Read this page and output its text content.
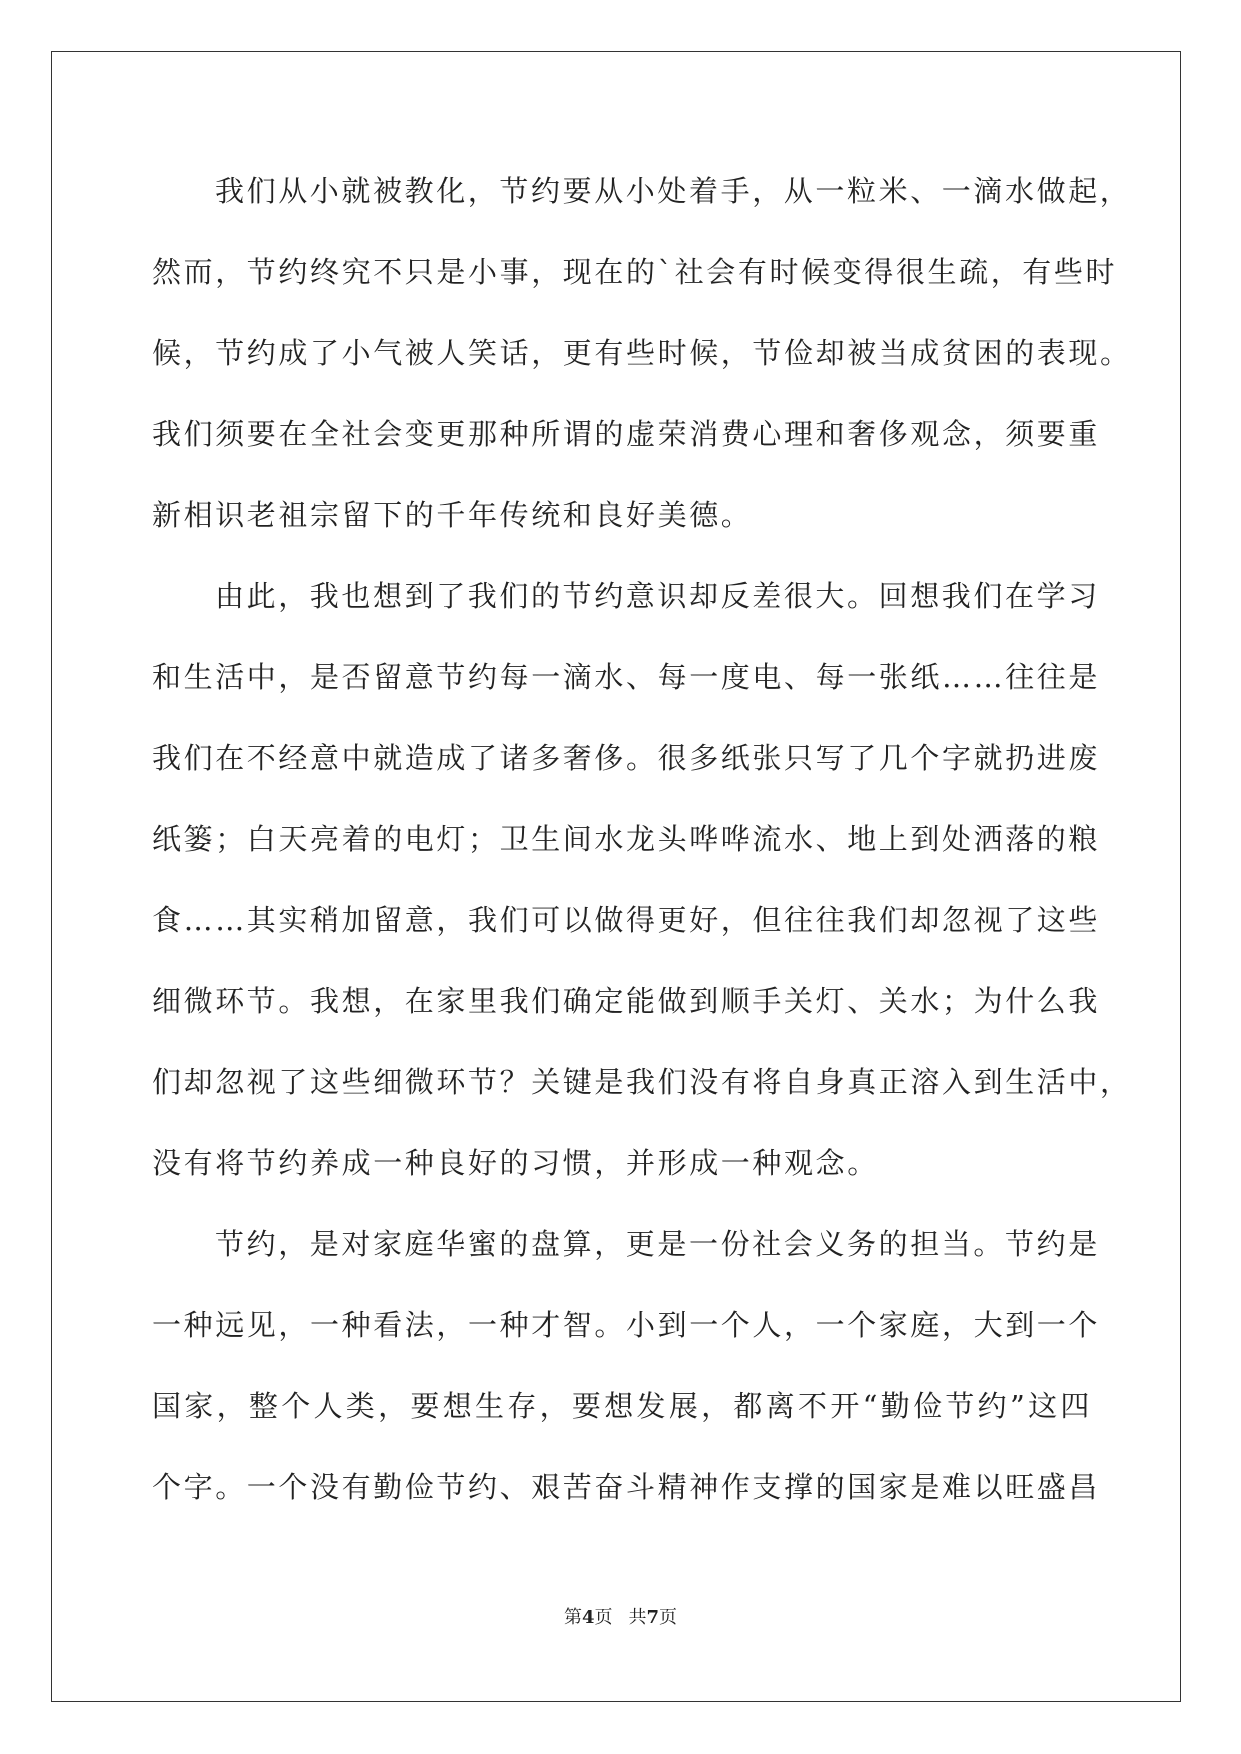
我们从小就被教化，节约要从小处着手，从一粒米、一滴水做起，
然而，节约终究不只是小事，现在的`社会有时候变得很生疏，有些时
候，节约成了小气被人笑话，更有些时候，节俭却被当成贫困的表现。
我们须要在全社会变更那种所谓的虚荣消费心理和奢侈观念，须要重
新相识老祖宗留下的千年传统和良好美德。
由此，我也想到了我们的节约意识却反差很大。回想我们在学习
和生活中，是否留意节约每一滴水、每一度电、每一张纸……往往是
我们在不经意中就造成了诸多奢侈。很多纸张只写了几个字就扔进废
纸篓；白天亮着的电灯；卫生间水龙头哗哗流水、地上到处洒落的粮
食……其实稍加留意，我们可以做得更好，但往往我们却忽视了这些
细微环节。我想，在家里我们确定能做到顺手关灯、关水；为什么我
们却忽视了这些细微环节？关键是我们没有将自身真正溶入到生活中，
没有将节约养成一种良好的习惯，并形成一种观念。
节约，是对家庭华蜜的盘算，更是一份社会义务的担当。节约是
一种远见，一种看法，一种才智。小到一个人，一个家庭，大到一个
国家，整个人类，要想生存，要想发展，都离不开“勤俭节约”这四
个字。一个没有勤俭节约、艰苦奋斗精神作支撑的国家是难以旺盛昌
第4页 共7页
